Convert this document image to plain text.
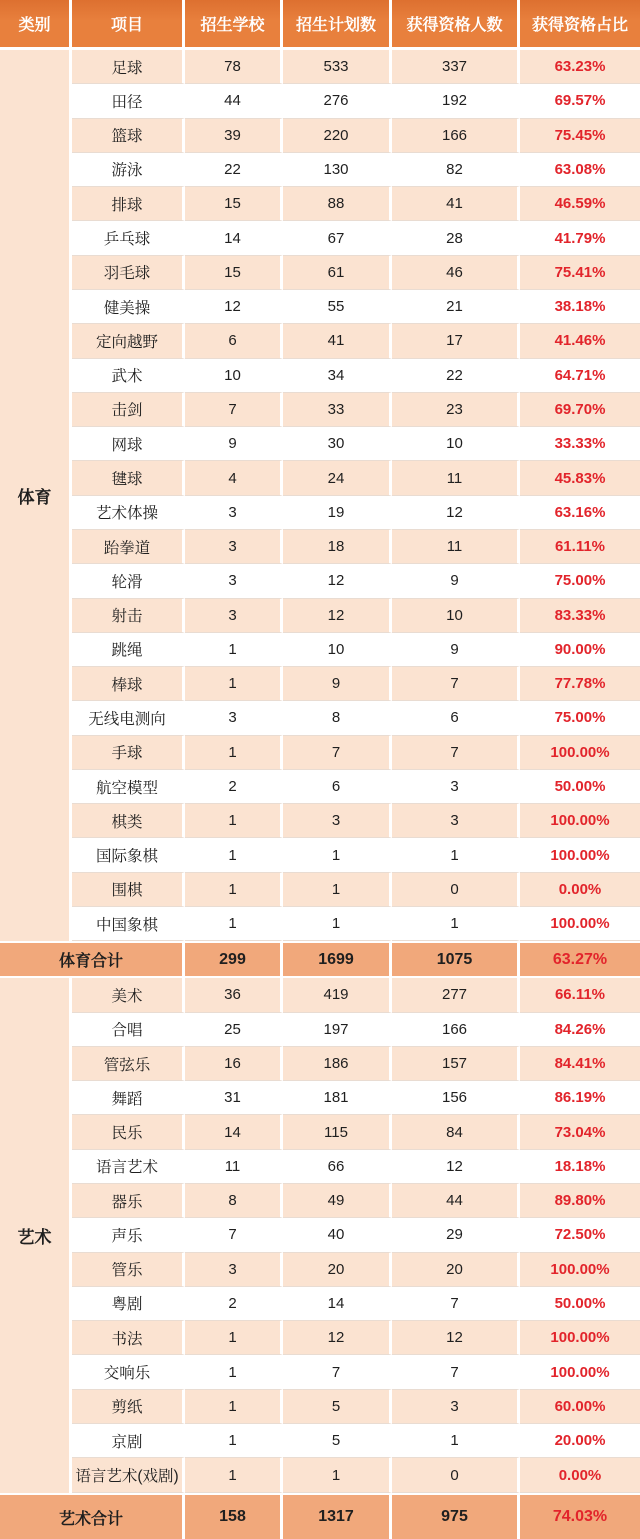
类别	项目	招生学校	招生计划数	获得资格人数	获得资格占比
体育	足球	78	533	337	63.23%
	田径	44	276	192	69.57%
	篮球	39	220	166	75.45%
	游泳	22	130	82	63.08%
	排球	15	88	41	46.59%
	乒乓球	14	67	28	41.79%
	羽毛球	15	61	46	75.41%
	健美操	12	55	21	38.18%
	定向越野	6	41	17	41.46%
	武术	10	34	22	64.71%
	击剑	7	33	23	69.70%
	网球	9	30	10	33.33%
	毽球	4	24	11	45.83%
	艺术体操	3	19	12	63.16%
	跆拳道	3	18	11	61.11%
	轮滑	3	12	9	75.00%
	射击	3	12	10	83.33%
	跳绳	1	10	9	90.00%
	棒球	1	9	7	77.78%
	无线电测向	3	8	6	75.00%
	手球	1	7	7	100.00%
	航空模型	2	6	3	50.00%
	棋类	1	3	3	100.00%
	国际象棋	1	1	1	100.00%
	围棋	1	1	0	0.00%
	中国象棋	1	1	1	100.00%
体育合计		299	1699	1075	63.27%
艺术	美术	36	419	277	66.11%
	合唱	25	197	166	84.26%
	管弦乐	16	186	157	84.41%
	舞蹈	31	181	156	86.19%
	民乐	14	115	84	73.04%
	语言艺术	11	66	12	18.18%
	器乐	8	49	44	89.80%
	声乐	7	40	29	72.50%
	管乐	3	20	20	100.00%
	粤剧	2	14	7	50.00%
	书法	1	12	12	100.00%
	交响乐	1	7	7	100.00%
	剪纸	1	5	3	60.00%
	京剧	1	5	1	20.00%
	语言艺术(戏剧)	1	1	0	0.00%
艺术合计		158	1317	975	74.03%
